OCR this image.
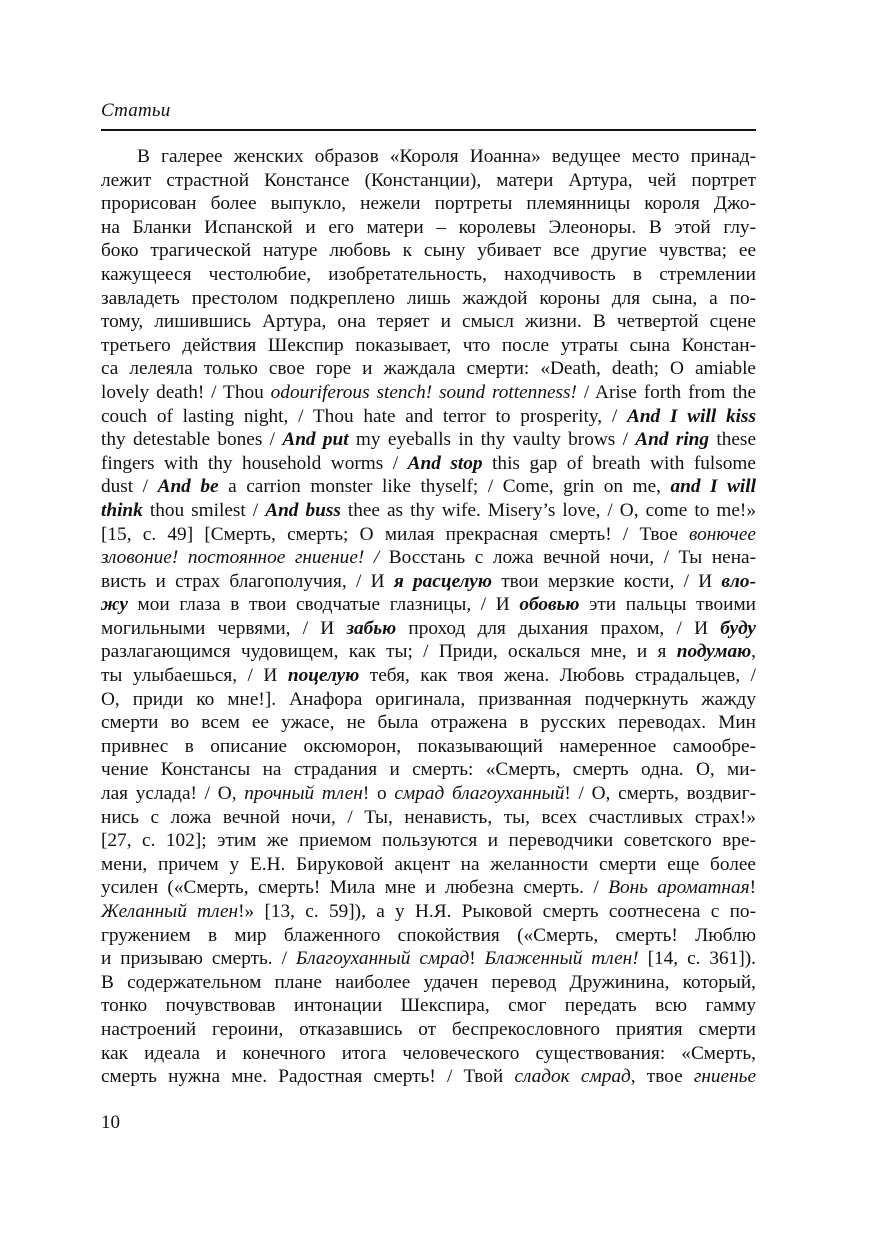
Статьи
В галерее женских образов «Короля Иоанна» ведущее место принад-
лежит страстной Констансе (Констанции), матери Артура, чей портрет
прорисован более выпукло, нежели портреты племянницы короля Джо-
на Бланки Испанской и его матери – королевы Элеоноры. В этой глу-
боко трагической натуре любовь к сыну убивает все другие чувства; ее
кажущееся честолюбие, изобретательность, находчивость в стремлении
завладеть престолом подкреплено лишь жаждой короны для сына, а по-
тому, лишившись Артура, она теряет и смысл жизни. В четвертой сцене
третьего действия Шекспир показывает, что после утраты сына Констан-
са лелеяла только свое горе и жаждала смерти: «Death, death; O amiable
lovely death! / Thou odouriferous stench! sound rottenness! / Arise forth from the
couch of lasting night, / Thou hate and terror to prosperity, / And I will kiss
thy detestable bones / And put my eyeballs in thy vaulty brows / And ring these
fingers with thy household worms / And stop this gap of breath with fulsome
dust / And be a carrion monster like thyself; / Come, grin on me, and I will
think thou smilest / And buss thee as thy wife. Misery’s love, / O, come to me!»
[15, с. 49] [Смерть, смерть; О милая прекрасная смерть! / Твое вонючее
зловоние! постоянное гниение! / Восстань с ложа вечной ночи, / Ты нена-
висть и страх благополучия, / И я расцелую твои мерзкие кости, / И вло-
жу мои глаза в твои сводчатые глазницы, / И обовью эти пальцы твоими
могильными червями, / И забью проход для дыхания прахом, / И буду
разлагающимся чудовищем, как ты; / Приди, оскалься мне, и я подумаю,
ты улыбаешься, / И поцелую тебя, как твоя жена. Любовь страдальцев, /
О, приди ко мне!]. Анафора оригинала, призванная подчеркнуть жажду
смерти во всем ее ужасе, не была отражена в русских переводах. Мин
привнес в описание оксюморон, показывающий намеренное самообре-
чение Констансы на страдания и смерть: «Смерть, смерть одна. О, ми-
лая услада! / О, прочный тлен! о смрад благоуханный! / О, смерть, воздвиг-
нись с ложа вечной ночи, / Ты, ненависть, ты, всех счастливых страх!»
[27, с. 102]; этим же приемом пользуются и переводчики советского вре-
мени, причем у Е.Н. Бируковой акцент на желанности смерти еще более
усилен («Смерть, смерть! Мила мне и любезна смерть. / Вонь ароматная!
Желанный тлен!» [13, с. 59]), а у Н.Я. Рыковой смерть соотнесена с по-
гружением в мир блаженного спокойствия («Смерть, смерть! Люблю
и призываю смерть. / Благоуханный смрад! Блаженный тлен! [14, с. 361]).
В содержательном плане наиболее удачен перевод Дружинина, который,
тонко почувствовав интонации Шекспира, смог передать всю гамму
настроений героини, отказавшись от беспрекословного приятия смерти
как идеала и конечного итога человеческого существования: «Смерть,
смерть нужна мне. Радостная смерть! / Твой сладок смрад, твое гниенье
10
